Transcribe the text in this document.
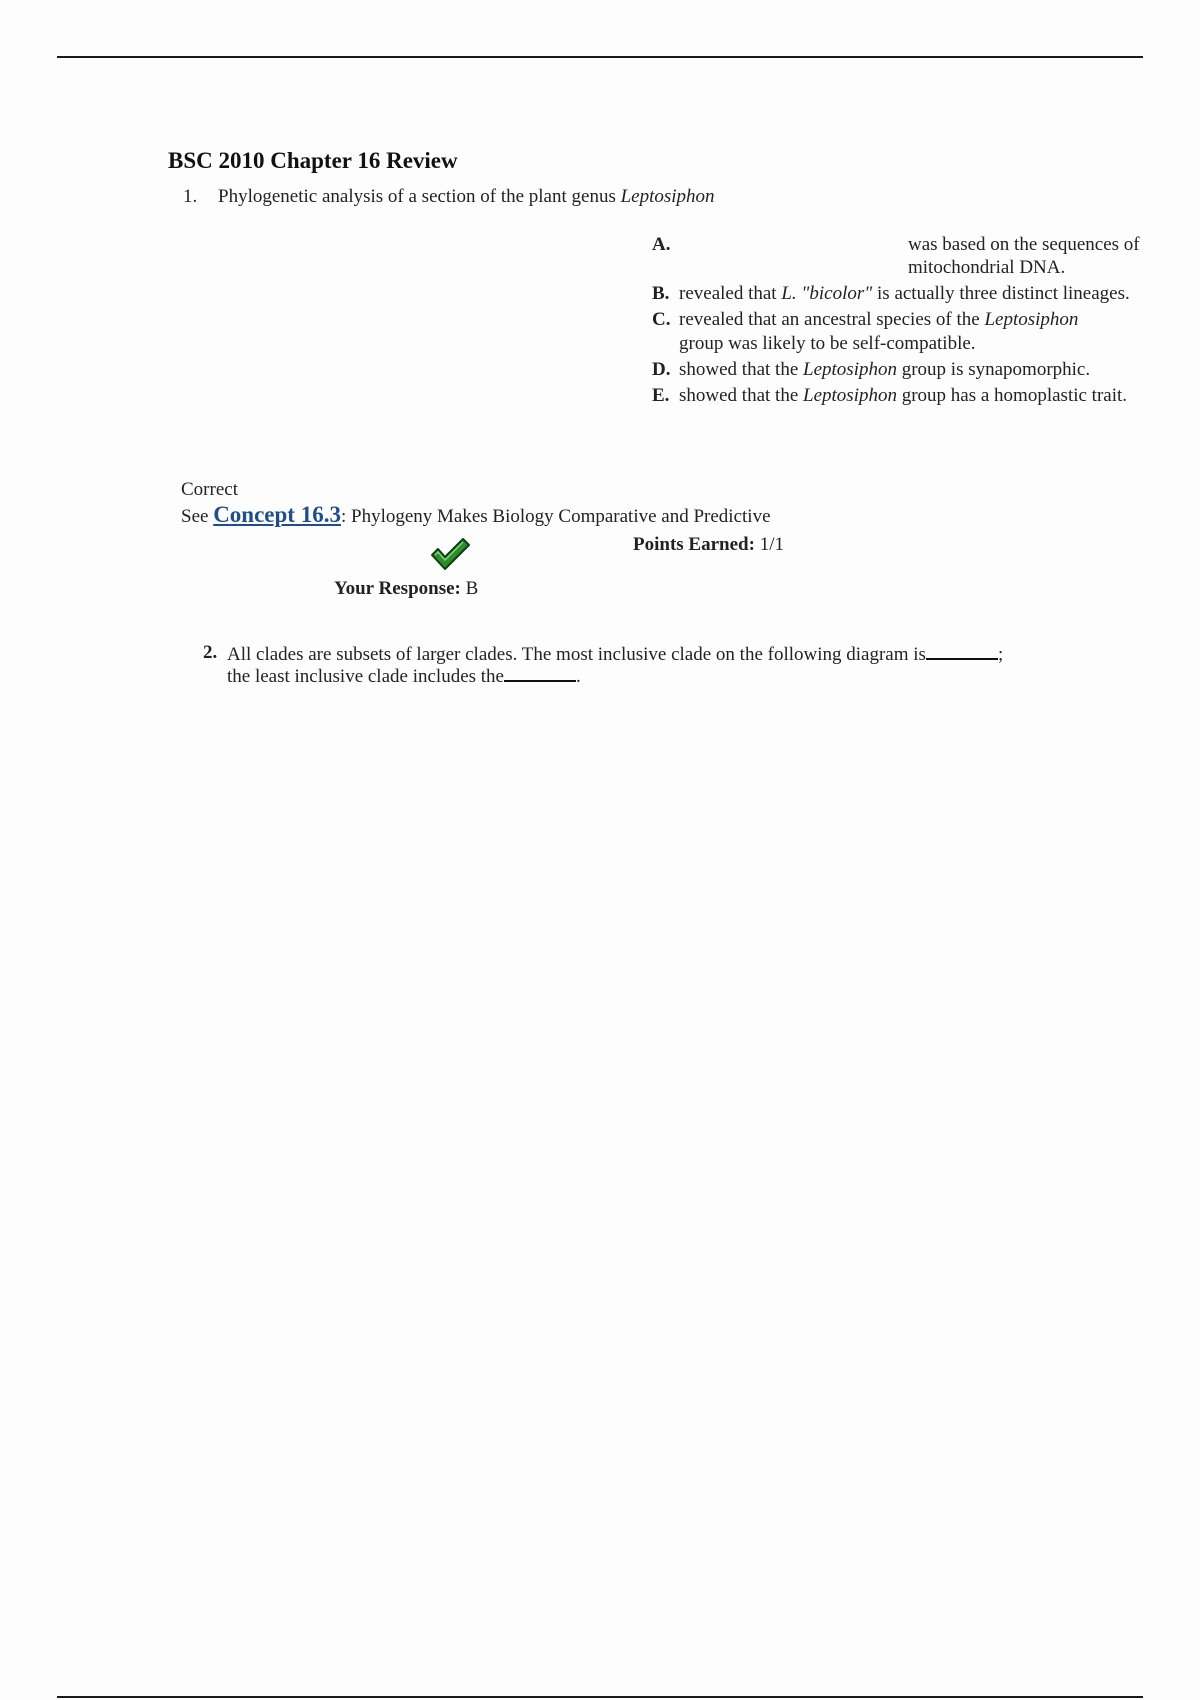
BSC 2010 Chapter 16 Review
1. Phylogenetic analysis of a section of the plant genus Leptosiphon
A.	was based on the sequences of
mitochondrial DNA.
B. revealed that L. "bicolor" is actually three distinct lineages.
C. revealed that an ancestral species of the Leptosiphon
group was likely to be self-compatible.
D. showed that the Leptosiphon group is synapomorphic.
E. showed that the Leptosiphon group has a homoplastic trait.
Correct
See Concept 16.3: Phylogeny Makes Biology Comparative and Predictive
Points Earned: 1/1
Your Response: B
2. All clades are subsets of larger clades. The most inclusive clade on the following diagram is	;
the least inclusive clade includes the	.
